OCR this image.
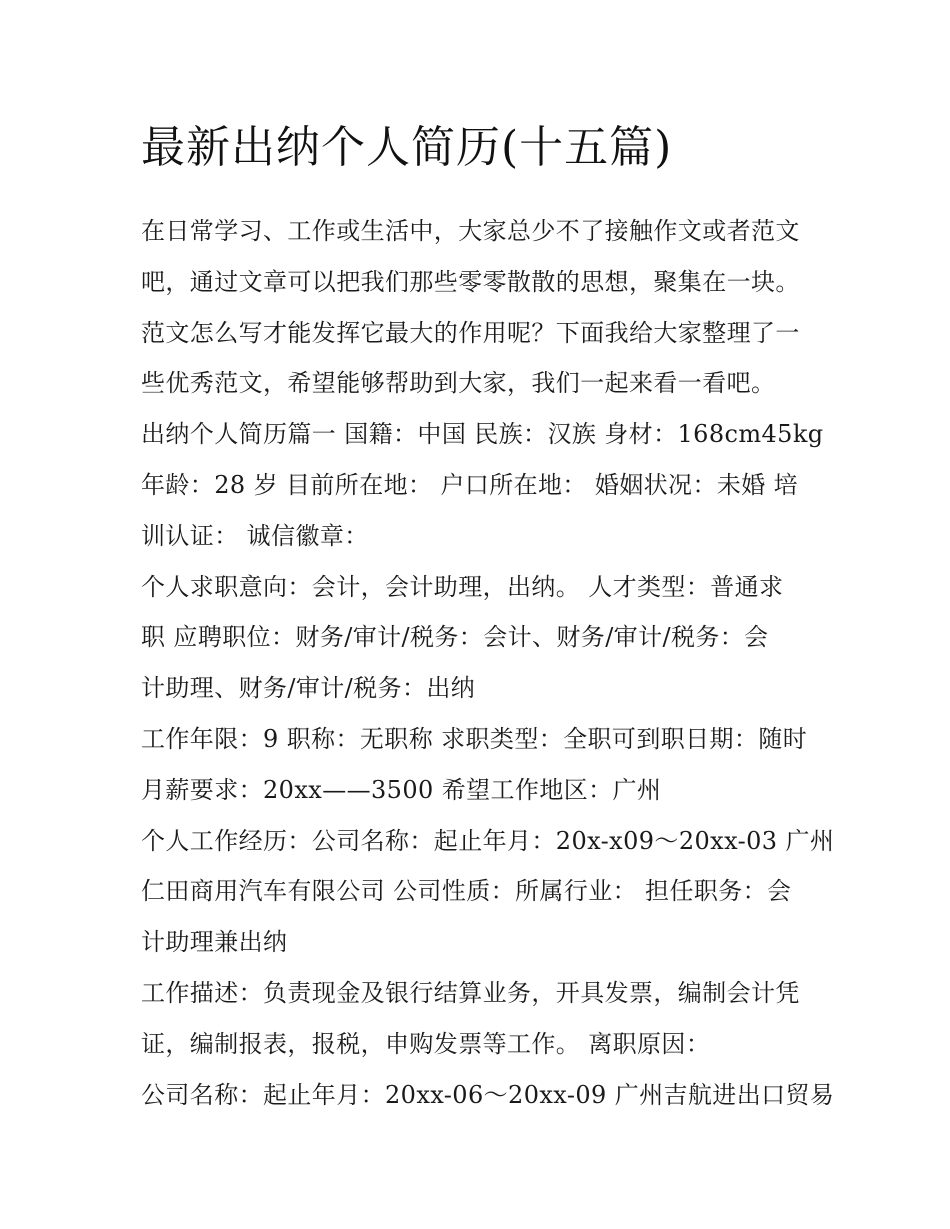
最新出纳个人简历(十五篇)
在日常学习、工作或生活中，大家总少不了接触作文或者范文
吧，通过文章可以把我们那些零零散散的思想，聚集在一块。
范文怎么写才能发挥它最大的作用呢？下面我给大家整理了一
些优秀范文，希望能够帮助到大家，我们一起来看一看吧。
出纳个人简历篇一 国籍：中国 民族：汉族 身材：168cm45kg
年龄：28 岁 目前所在地： 户口所在地： 婚姻状况：未婚 培
训认证： 诚信徽章：
个人求职意向：会计，会计助理，出纳。 人才类型：普通求
职 应聘职位：财务/审计/税务：会计、财务/审计/税务：会
计助理、财务/审计/税务：出纳
工作年限：9 职称：无职称 求职类型：全职可到职日期：随时
月薪要求：20xx——3500 希望工作地区：广州
个人工作经历：公司名称：起止年月：20x-x09～20xx-03 广州
仁田商用汽车有限公司 公司性质：所属行业： 担任职务：会
计助理兼出纳
工作描述：负责现金及银行结算业务，开具发票，编制会计凭
证，编制报表，报税，申购发票等工作。 离职原因：
公司名称：起止年月：20xx-06～20xx-09 广州吉航进出口贸易
